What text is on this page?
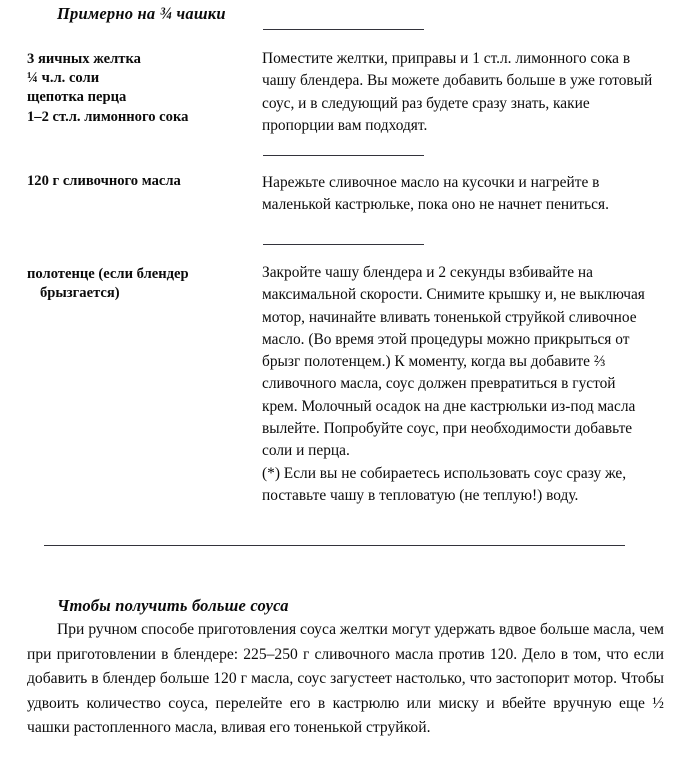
Примерно на ¾ чашки
3 яичных желтка
¼ ч.л. соли
щепотка перца
1–2 ст.л. лимонного сока
Поместите желтки, приправы и 1 ст.л. лимонного сока в чашу блендера. Вы можете добавить больше в уже готовый соус, и в следующий раз будете сразу знать, какие пропорции вам подходят.
120 г сливочного масла	Нарежьте сливочное масло на кусочки и нагрейте в маленькой кастрюльке, пока оно не начнет пениться.
полотенце (если блендер
брызгается)
Закройте чашу блендера и 2 секунды взбивайте на максимальной скорости. Снимите крышку и, не выключая мотор, начинайте вливать тоненькой струйкой сливочное масло. (Во время этой процедуры можно прикрыться от брызг полотенцем.) К моменту, когда вы добавите ⅔ сливочного масла, соус должен превратиться в густой крем. Молочный осадок на дне кастрюльки из-под масла вылейте. Попробуйте соус, при необходимости добавьте соли и перца.
(*) Если вы не собираетесь использовать соус сразу же, поставьте чашу в тепловатую (не теплую!) воду.
Чтобы получить больше соуса
При ручном способе приготовления соуса желтки могут удержать вдвое больше масла, чем при приготовлении в блендере: 225–250 г сливочного масла против 120. Дело в том, что если добавить в блендер больше 120 г масла, соус загустеет настолько, что застопорит мотор. Чтобы удвоить количество соуса, перелейте его в кастрюлю или миску и вбейте вручную еще ½ чашки растопленного масла, вливая его тоненькой струйкой.
